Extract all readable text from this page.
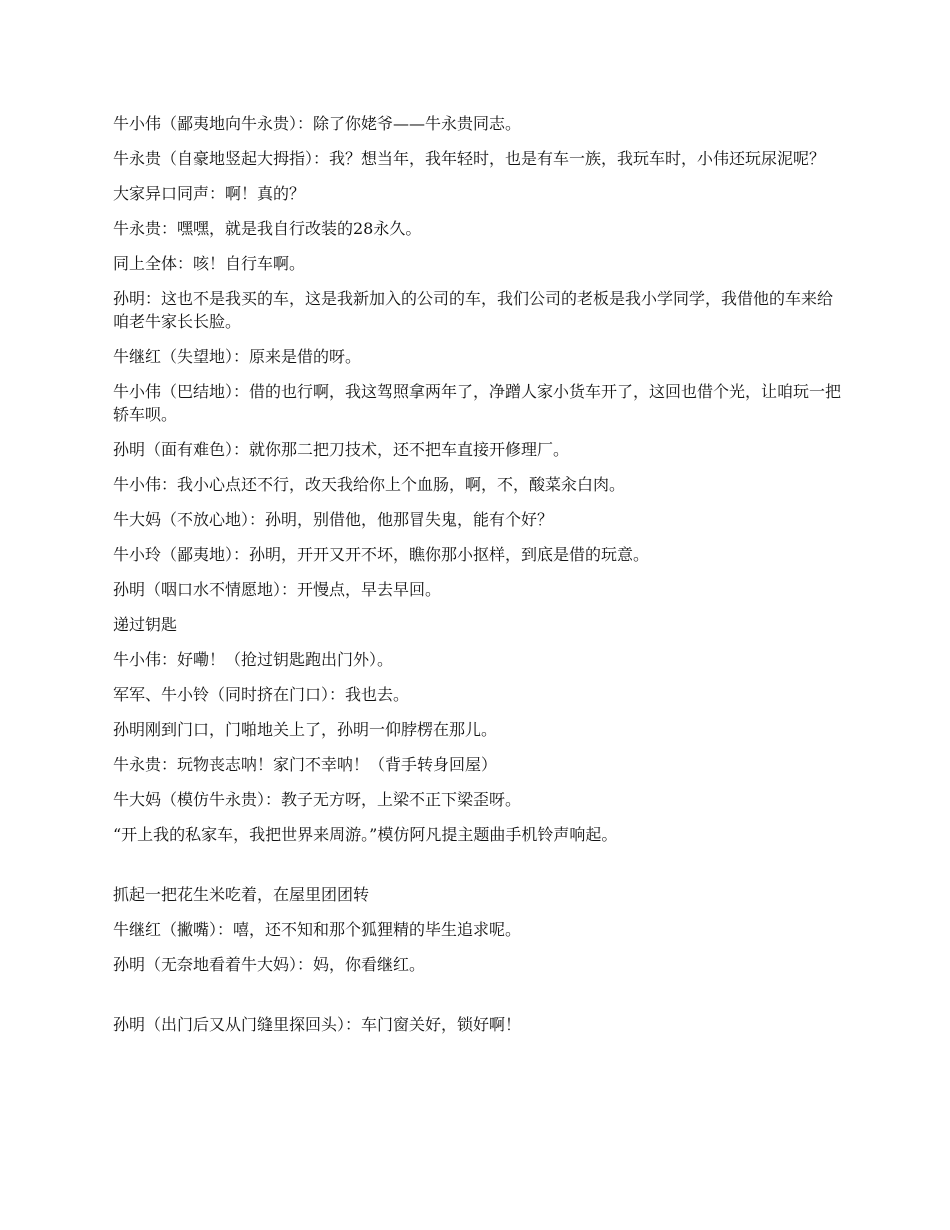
牛小伟（鄙夷地向牛永贵）：除了你姥爷——牛永贵同志。

牛永贵（自豪地竖起大拇指）：我？想当年，我年轻时，也是有车一族，我玩车时，小伟还玩尿泥呢？

大家异口同声：啊！真的？

牛永贵：嘿嘿，就是我自行改装的28永久。

同上全体：咳！自行车啊。

孙明：这也不是我买的车，这是我新加入的公司的车，我们公司的老板是我小学同学，我借他的车来给咱老牛家长长脸。

牛继红（失望地）：原来是借的呀。

牛小伟（巴结地）：借的也行啊，我这驾照拿两年了，净蹭人家小货车开了，这回也借个光，让咱玩一把轿车呗。

孙明（面有难色）：就你那二把刀技术，还不把车直接开修理厂。

牛小伟：我小心点还不行，改天我给你上个血肠，啊，不，酸菜汆白肉。

牛大妈（不放心地）：孙明，别借他，他那冒失鬼，能有个好？

牛小玲（鄙夷地）：孙明，开开又开不坏，瞧你那小抠样，到底是借的玩意。

孙明（咽口水不情愿地）：开慢点，早去早回。

递过钥匙

牛小伟：好嘞！（抢过钥匙跑出门外）。

军军、牛小铃（同时挤在门口）：我也去。

孙明刚到门口，门啪地关上了，孙明一仰脖楞在那儿。

牛永贵：玩物丧志呐！家门不幸呐！（背手转身回屋）

牛大妈（模仿牛永贵）：教子无方呀，上梁不正下梁歪呀。

“开上我的私家车，我把世界来周游。”模仿阿凡提主题曲手机铃声响起。

抓起一把花生米吃着，在屋里团团转

牛继红（撇嘴）：嘻，还不知和那个狐狸精的毕生追求呢。

孙明（无奈地看着牛大妈）：妈，你看继红。

孙明（出门后又从门缝里探回头）：车门窗关好，锁好啊！
